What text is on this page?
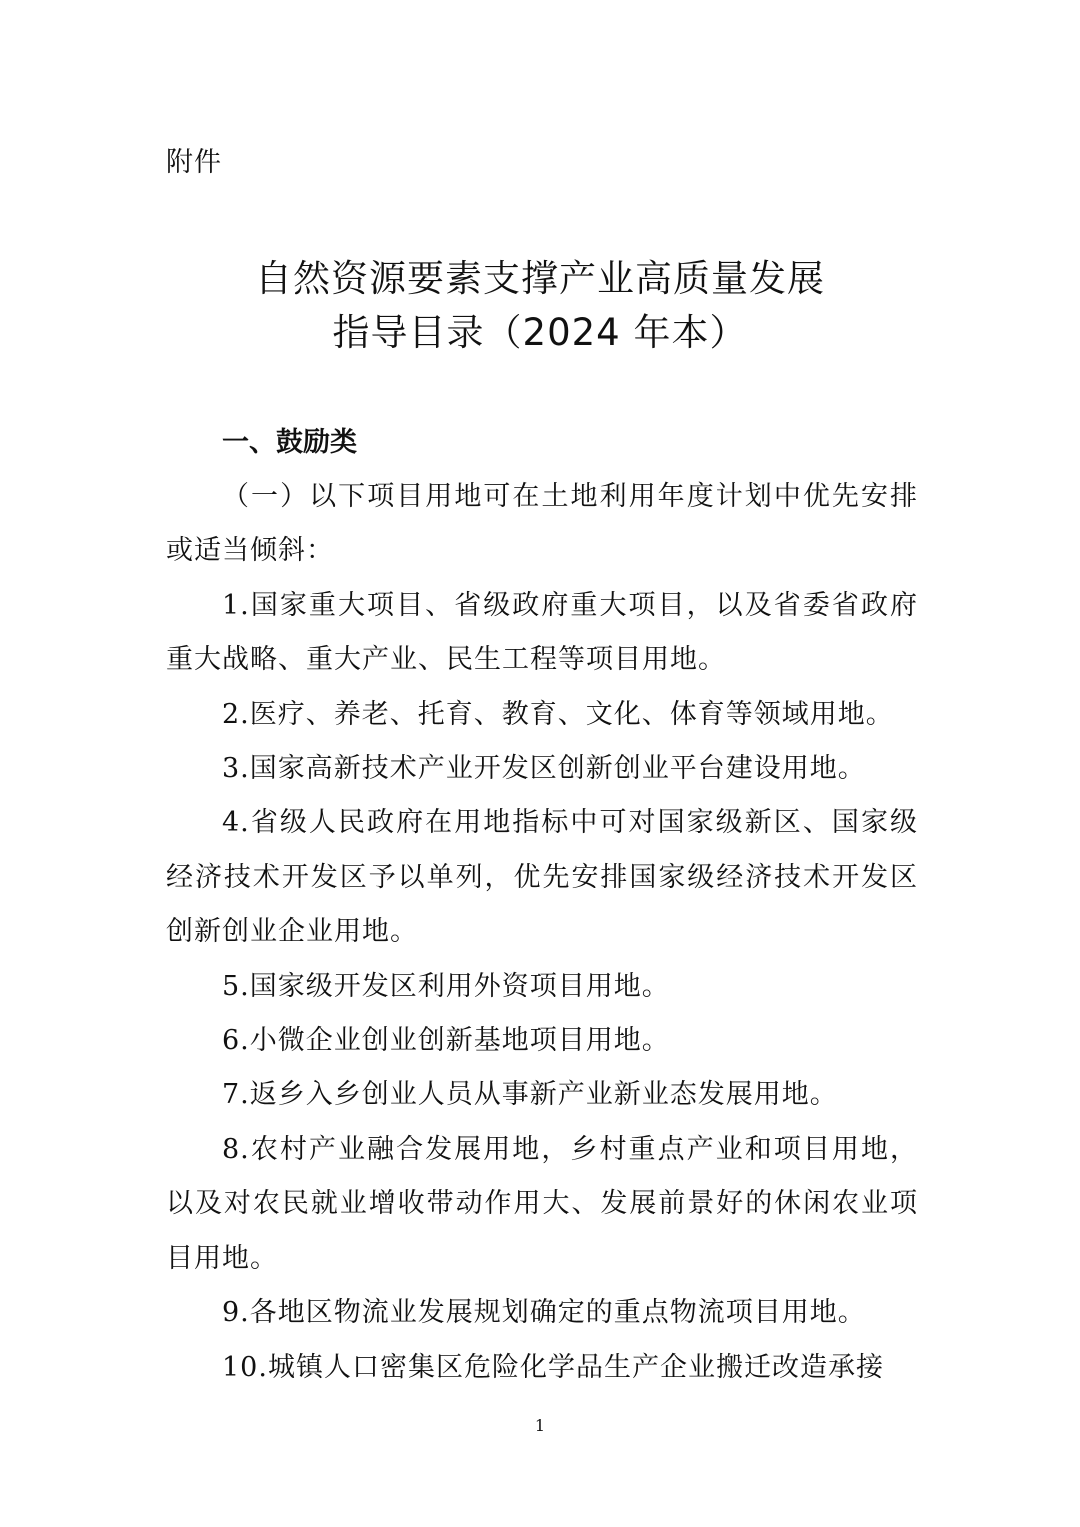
附件
自然资源要素支撑产业高质量发展
指导目录（2024 年本）
一、鼓励类

（一）以下项目用地可在土地利用年度计划中优先安排
或适当倾斜：

1.国家重大项目、省级政府重大项目，以及省委省政府
重大战略、重大产业、民生工程等项目用地。

2.医疗、养老、托育、教育、文化、体育等领域用地。

3.国家高新技术产业开发区创新创业平台建设用地。

4.省级人民政府在用地指标中可对国家级新区、国家级
经济技术开发区予以单列，优先安排国家级经济技术开发区
创新创业企业用地。

5.国家级开发区利用外资项目用地。

6.小微企业创业创新基地项目用地。

7.返乡入乡创业人员从事新产业新业态发展用地。

8.农村产业融合发展用地，乡村重点产业和项目用地，
以及对农民就业增收带动作用大、发展前景好的休闲农业项
目用地。

9.各地区物流业发展规划确定的重点物流项目用地。

10.城镇人口密集区危险化学品生产企业搬迁改造承接

1
